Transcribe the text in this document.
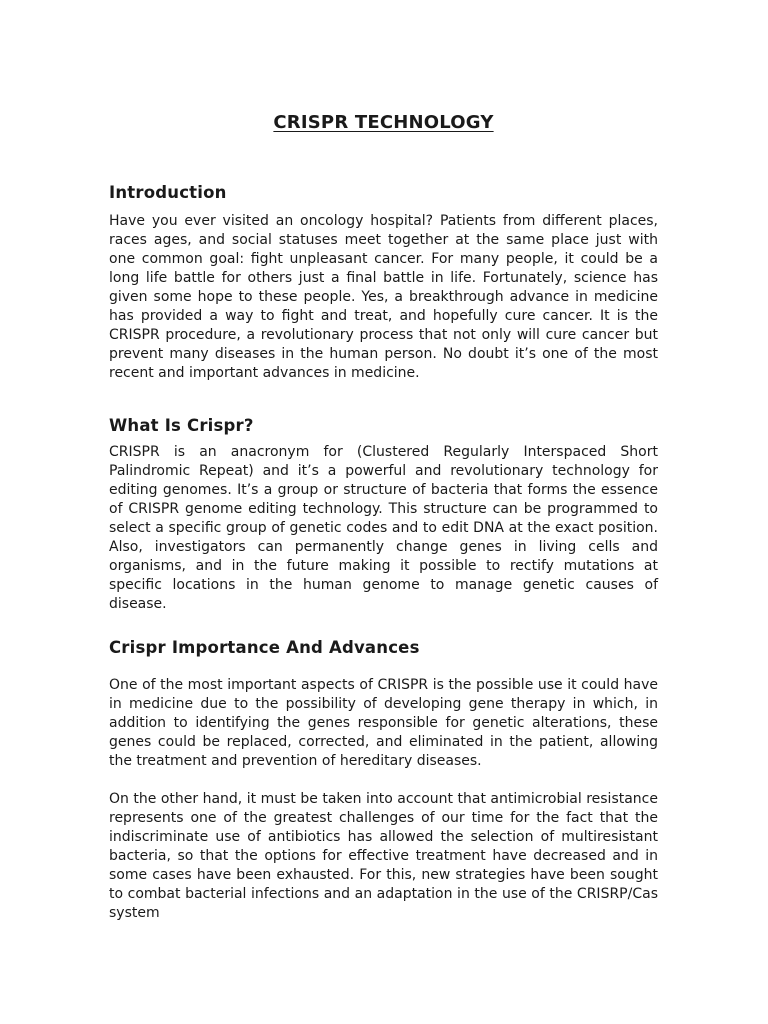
CRISPR TECHNOLOGY
Introduction

Have you ever visited an oncology hospital? Patients from different places, races ages, and social statuses meet together at the same place just with one common goal: fight unpleasant cancer. For many people, it could be a long life battle for others just a final battle in life. Fortunately, science has given some hope to these people. Yes, a breakthrough advance in medicine has provided a way to fight and treat, and hopefully cure cancer. It is the CRISPR procedure, a revolutionary process that not only will cure cancer but prevent many diseases in the human person. No doubt it’s one of the most recent and important advances in medicine.

What Is Crispr?

CRISPR is an anacronym for (Clustered Regularly Interspaced Short Palindromic Repeat) and it’s a powerful and revolutionary technology for editing genomes. It’s a group or structure of bacteria that forms the essence of CRISPR genome editing technology. This structure can be programmed to select a specific group of genetic codes and to edit DNA at the exact position. Also, investigators can permanently change genes in living cells and organisms, and in the future making it possible to rectify mutations at specific locations in the human genome to manage genetic causes of disease.

Crispr Importance And Advances

One of the most important aspects of CRISPR is the possible use it could have in medicine due to the possibility of developing gene therapy in which, in addition to identifying the genes responsible for genetic alterations, these genes could be replaced, corrected, and eliminated in the patient, allowing the treatment and prevention of hereditary diseases.

On the other hand, it must be taken into account that antimicrobial resistance represents one of the greatest challenges of our time for the fact that the indiscriminate use of antibiotics has allowed the selection of multiresistant bacteria, so that the options for effective treatment have decreased and in some cases have been exhausted. For this, new strategies have been sought to combat bacterial infections and an adaptation in the use of the CRISRP/Cas system
